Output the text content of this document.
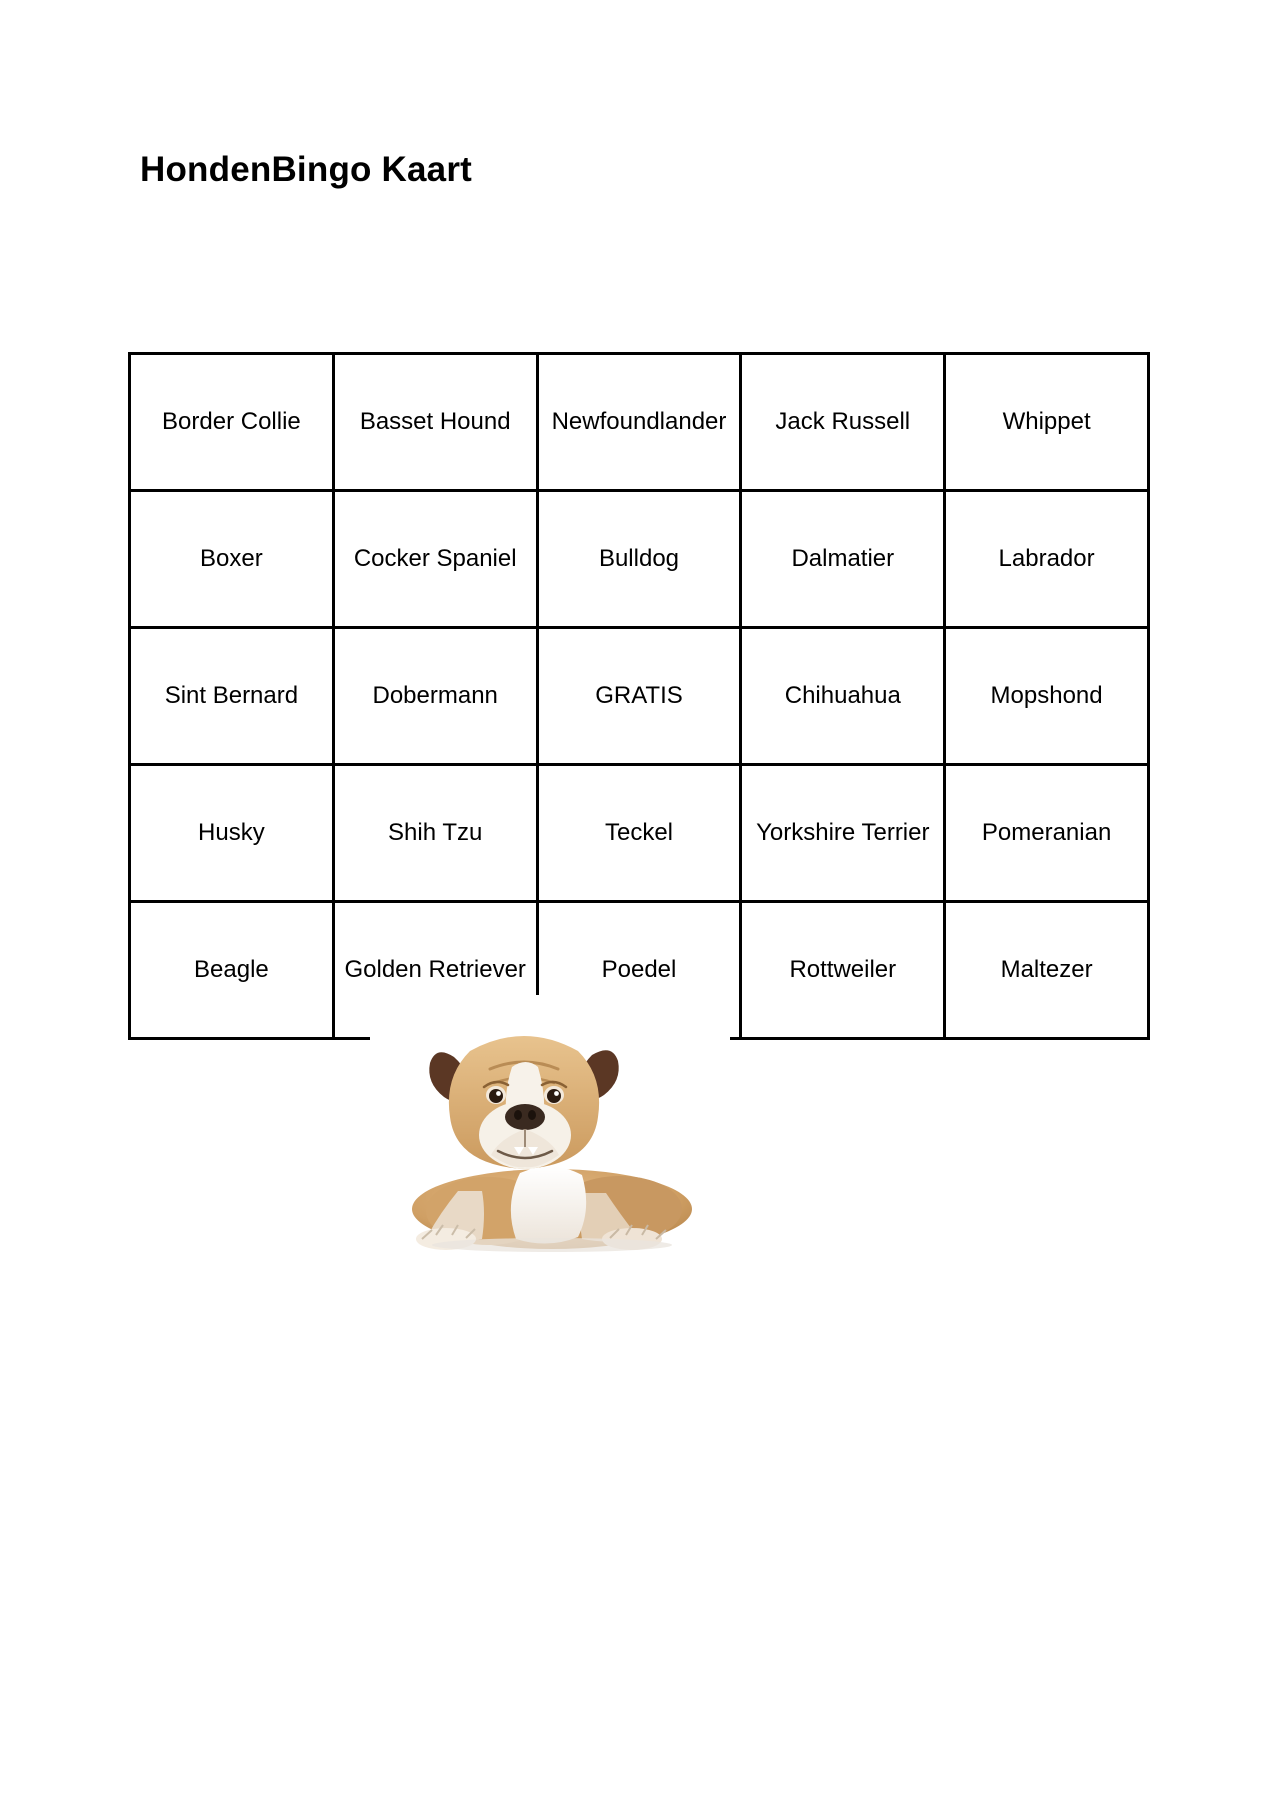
HondenBingo Kaart
Border Collie	Basset Hound	Newfoundlander	Jack Russell	Whippet
Boxer	Cocker Spaniel	Bulldog	Dalmatier	Labrador
Sint Bernard	Dobermann	GRATIS	Chihuahua	Mopshond
Husky	Shih Tzu	Teckel	Yorkshire Terrier	Pomeranian
Beagle	Golden Retriever	Poedel	Rottweiler	Maltezer
